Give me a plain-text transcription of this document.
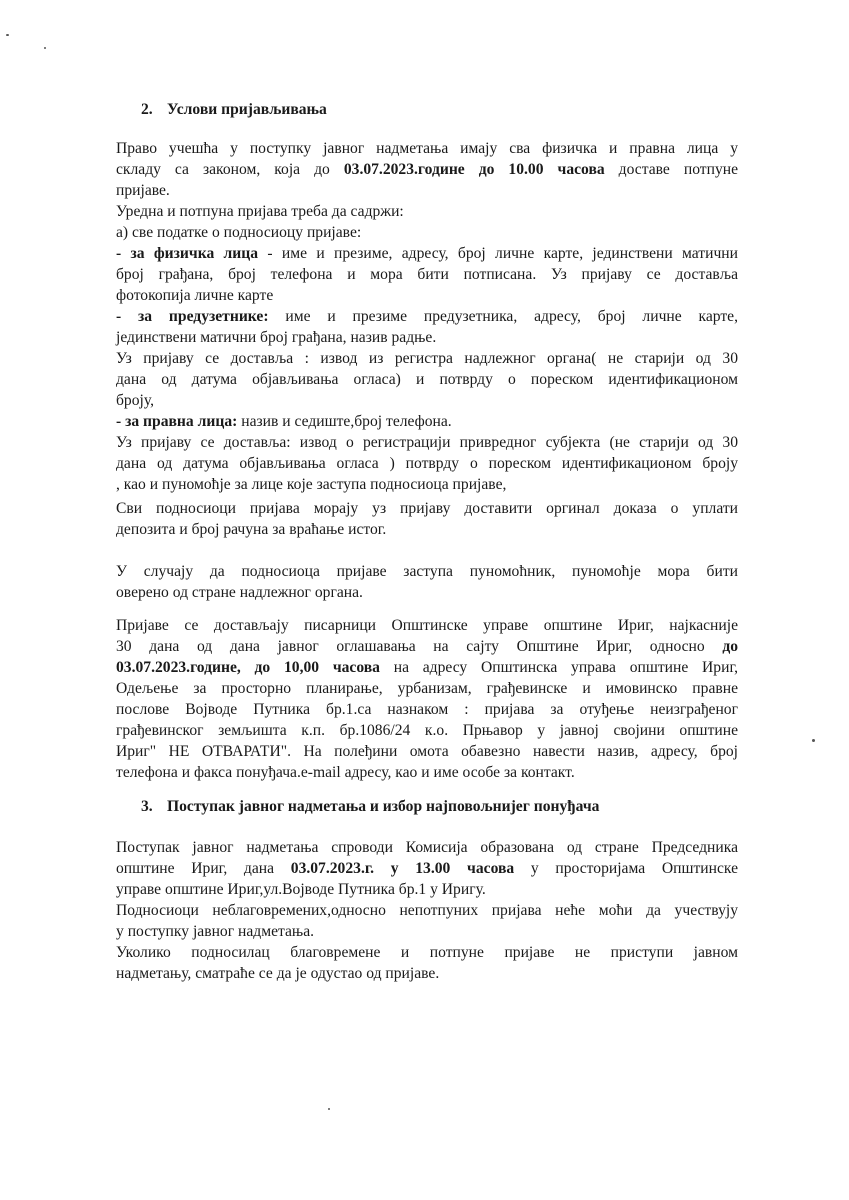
2. Услови пријављивања

Право учешћа у поступку јавног надметања имају сва физичка и правна лица у

складу са законом, која до 03.07.2023.године до 10.00 часова доставе потпуне

пријаве.

Уредна и потпуна пријава треба да садржи:

а) све податке о подносиоцу пријаве:

- за физичка лица - име и презиме, адресу, број личне карте, јединствени матични

број грађана, број телефона и мора бити потписана. Уз пријаву се доставља

фотокопија личне карте

- за предузетнике: име и презиме предузетника, адресу, број личне карте,

јединствени матични број грађана, назив радње.

Уз пријаву се доставља : извод из регистра надлежног органа( не старији од 30

дана од датума објављивања огласа) и потврду о пореском идентификационом

броју,

- за правна лица: назив и седиште,број телефона.

Уз пријаву се доставља: извод о регистрацији привредног субјекта (не старији од 30

дана од датума објављивања огласа ) потврду о пореском идентификационом броју

, као и пуномоћје за лице које заступа подносиоца пријаве,

Сви подносиоци пријава морају уз пријаву доставити оргинал доказа о уплати

депозита и број рачуна за враћање истог.

У случају да подносиоца пријаве заступа пуномоћник, пуномоћје мора бити

оверено од стране надлежног органа.

Пријаве се достављају писарници Општинске управе општине Ириг, најкасније

30 дана од дана јавног оглашавања на сајту Општине Ириг, односно до

03.07.2023.године, до 10,00 часова на адресу Општинска управа општине Ириг,

Одељење за просторно планирање, урбанизам, грађевинске и имовинско правне

послове Војводе Путника бр.1.са назнаком : пријава за отуђење неизграђеног

грађевинског земљишта к.п. бр.1086/24 к.о. Прњавор у јавној својини општине

Ириг" НЕ ОТВАРАТИ". На полеђини омота обавезно навести назив, адресу, број

телефона и факса понуђача.е-mail адресу, као и име особе за контакт.

3. Поступак јавног надметања и избор најповољнијег понуђача

Поступак јавног надметања спроводи Комисија образована од стране Председника

општине Ириг, дана 03.07.2023.г. у 13.00 часова у просторијама Општинске

управе општине Ириг,ул.Војводе Путника бр.1 у Иригу.

Подносиоци неблаговремених,односно непотпуних пријава неће моћи да учествују

у поступку јавног надметања.

Уколико подносилац благовремене и потпуне пријаве не приступи јавном

надметању, сматраће се да је одустао од пријаве.
